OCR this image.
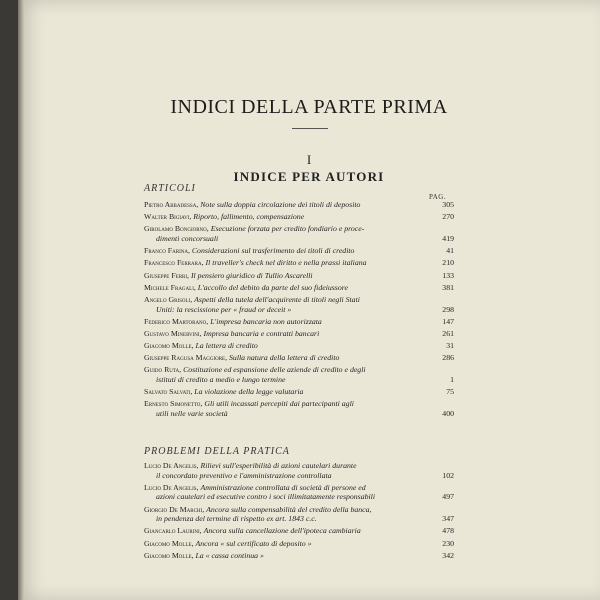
INDICI DELLA PARTE PRIMA
I
INDICE PER AUTORI
ARTICOLI
PAG.
Pietro Abbadessa, Note sulla doppia circolazione dei titoli di deposito	305
Walter Bigiavi, Riporto, fallimento, compensazione	270
Girolamo Bongiorno, Esecuzione forzata per credito fondiario e proce-
dimenti concorsuali	419
Franco Farina, Considerazioni sul trasferimento dei titoli di credito	41
Francesco Ferrara, Il traveller's check nel diritto e nella prassi italiana	210
Giuseppe Ferri, Il pensiero giuridico di Tullio Ascarelli	133
Michele Fragali, L'accollo del debito da parte del suo fideiussore	381
Angelo Grisoli, Aspetti della tutela dell'acquirente di titoli negli Stati
Uniti: la rescissione per « fraud or deceit »	298
Federico Martorano, L'impresa bancaria non autorizzata	147
Gustavo Minervini, Impresa bancaria e contratti bancari	261
Giacomo Molle, La lettera di credito	31
Giuseppe Ragusa Maggiore, Sulla natura della lettera di credito	286
Guido Ruta, Costituzione ed espansione delle aziende di credito e degli
istituti di credito a medio e lungo termine	1
Salvato Salvati, La violazione della legge valutaria	75
Ernesto Simonetto, Gli utili incassati percepiti dai partecipanti agli
utili nelle varie società	400
PROBLEMI DELLA PRATICA
Lucio De Angelis, Rilievi sull'esperibilità di azioni cautelari durante
il concordato preventivo e l'amministrazione controllata	102
Lucio De Angelis, Amministrazione controllata di società di persone ed
azioni cautelari ed esecutive contro i soci illimitatamente responsabili	497
Giorgio De Marchi, Ancora sulla compensabilità del credito della banca,
in pendenza del termine di rispetto ex art. 1843 c.c.	347
Giancarlo Laurini, Ancora sulla cancellazione dell'ipoteca cambiaria	478
Giacomo Molle, Ancora « sul certificato di deposito »	230
Giacomo Molle, La « cassa continua »	342
